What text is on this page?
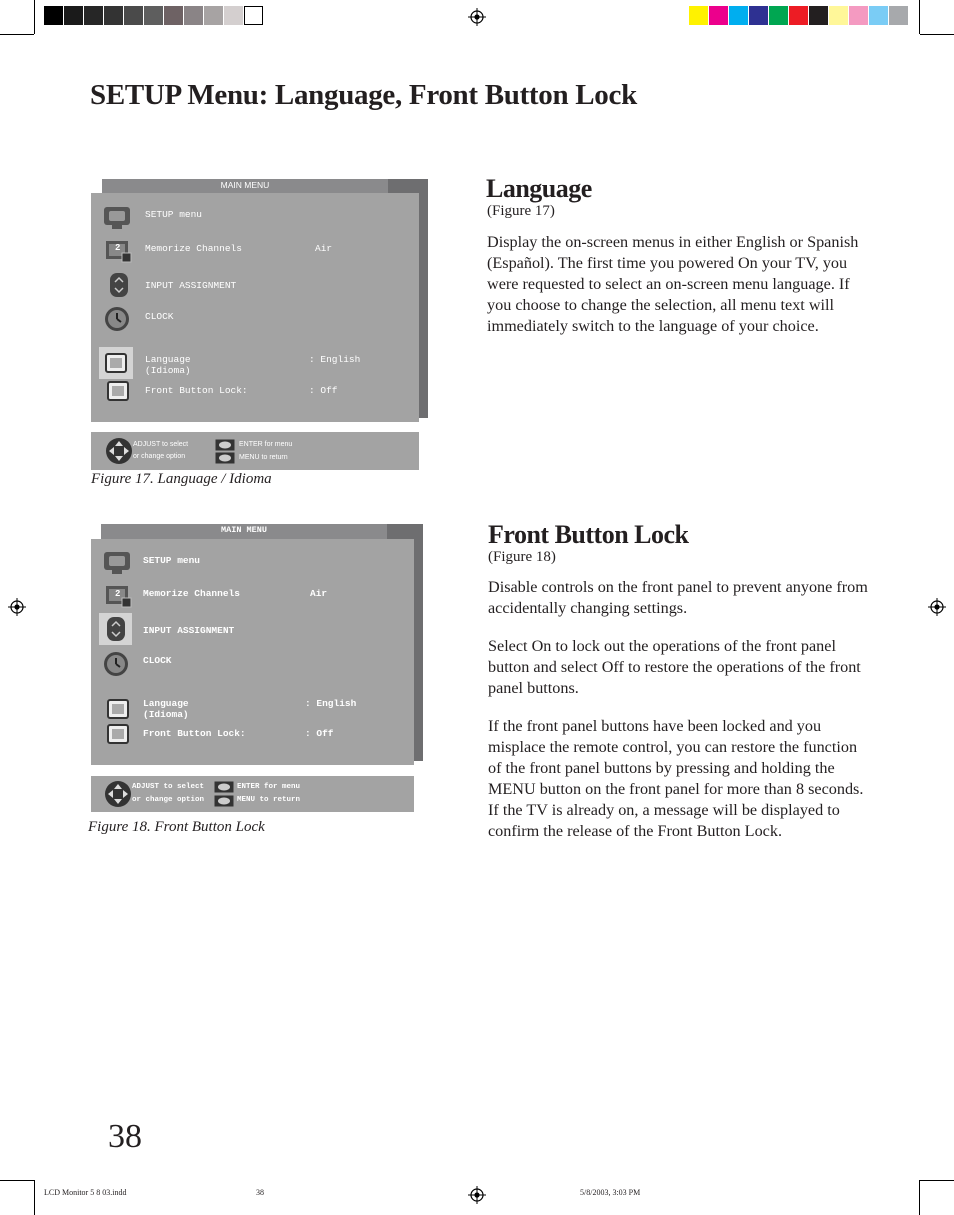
SETUP Menu: Language, Front Button Lock
MAIN MENU
2
SETUP menu
Memorize Channels	Air
INPUT ASSIGNMENT
CLOCK
Language
(Idioma)
: English
Front Button Lock:	: Off
ADJUST to select
or change option
ENTER for menu
MENU to return
Figure 17. Language / Idioma
MAIN MENU
2
SETUP menu
Memorize Channels	Air
INPUT ASSIGNMENT
CLOCK
Language
(Idioma)
: English
Front Button Lock:	: Off
ADJUST to select
or change option
ENTER for menu
MENU to return
Figure 18. Front Button Lock
Language
(Figure 17)
Display the on-screen menus in either English or Spanish (Español). The first time you powered On your TV, you were requested to select an on-screen menu language. If you choose to change the selection, all menu text will immediately switch to the language of your choice.
Front Button Lock
(Figure 18)
Disable controls on the front panel to prevent anyone from accidentally changing settings.
Select On to lock out the operations of the front panel button and select Off to restore the operations of the front panel buttons.
If the front panel buttons have been locked and you misplace the remote control, you can restore the function of the front panel buttons by pressing and holding the MENU button on the front panel for more than 8 seconds. If the TV is already on, a message will be displayed to confirm the release of the Front Button Lock.
38
LCD Monitor 5 8 03.indd	38	5/8/2003, 3:03 PM
